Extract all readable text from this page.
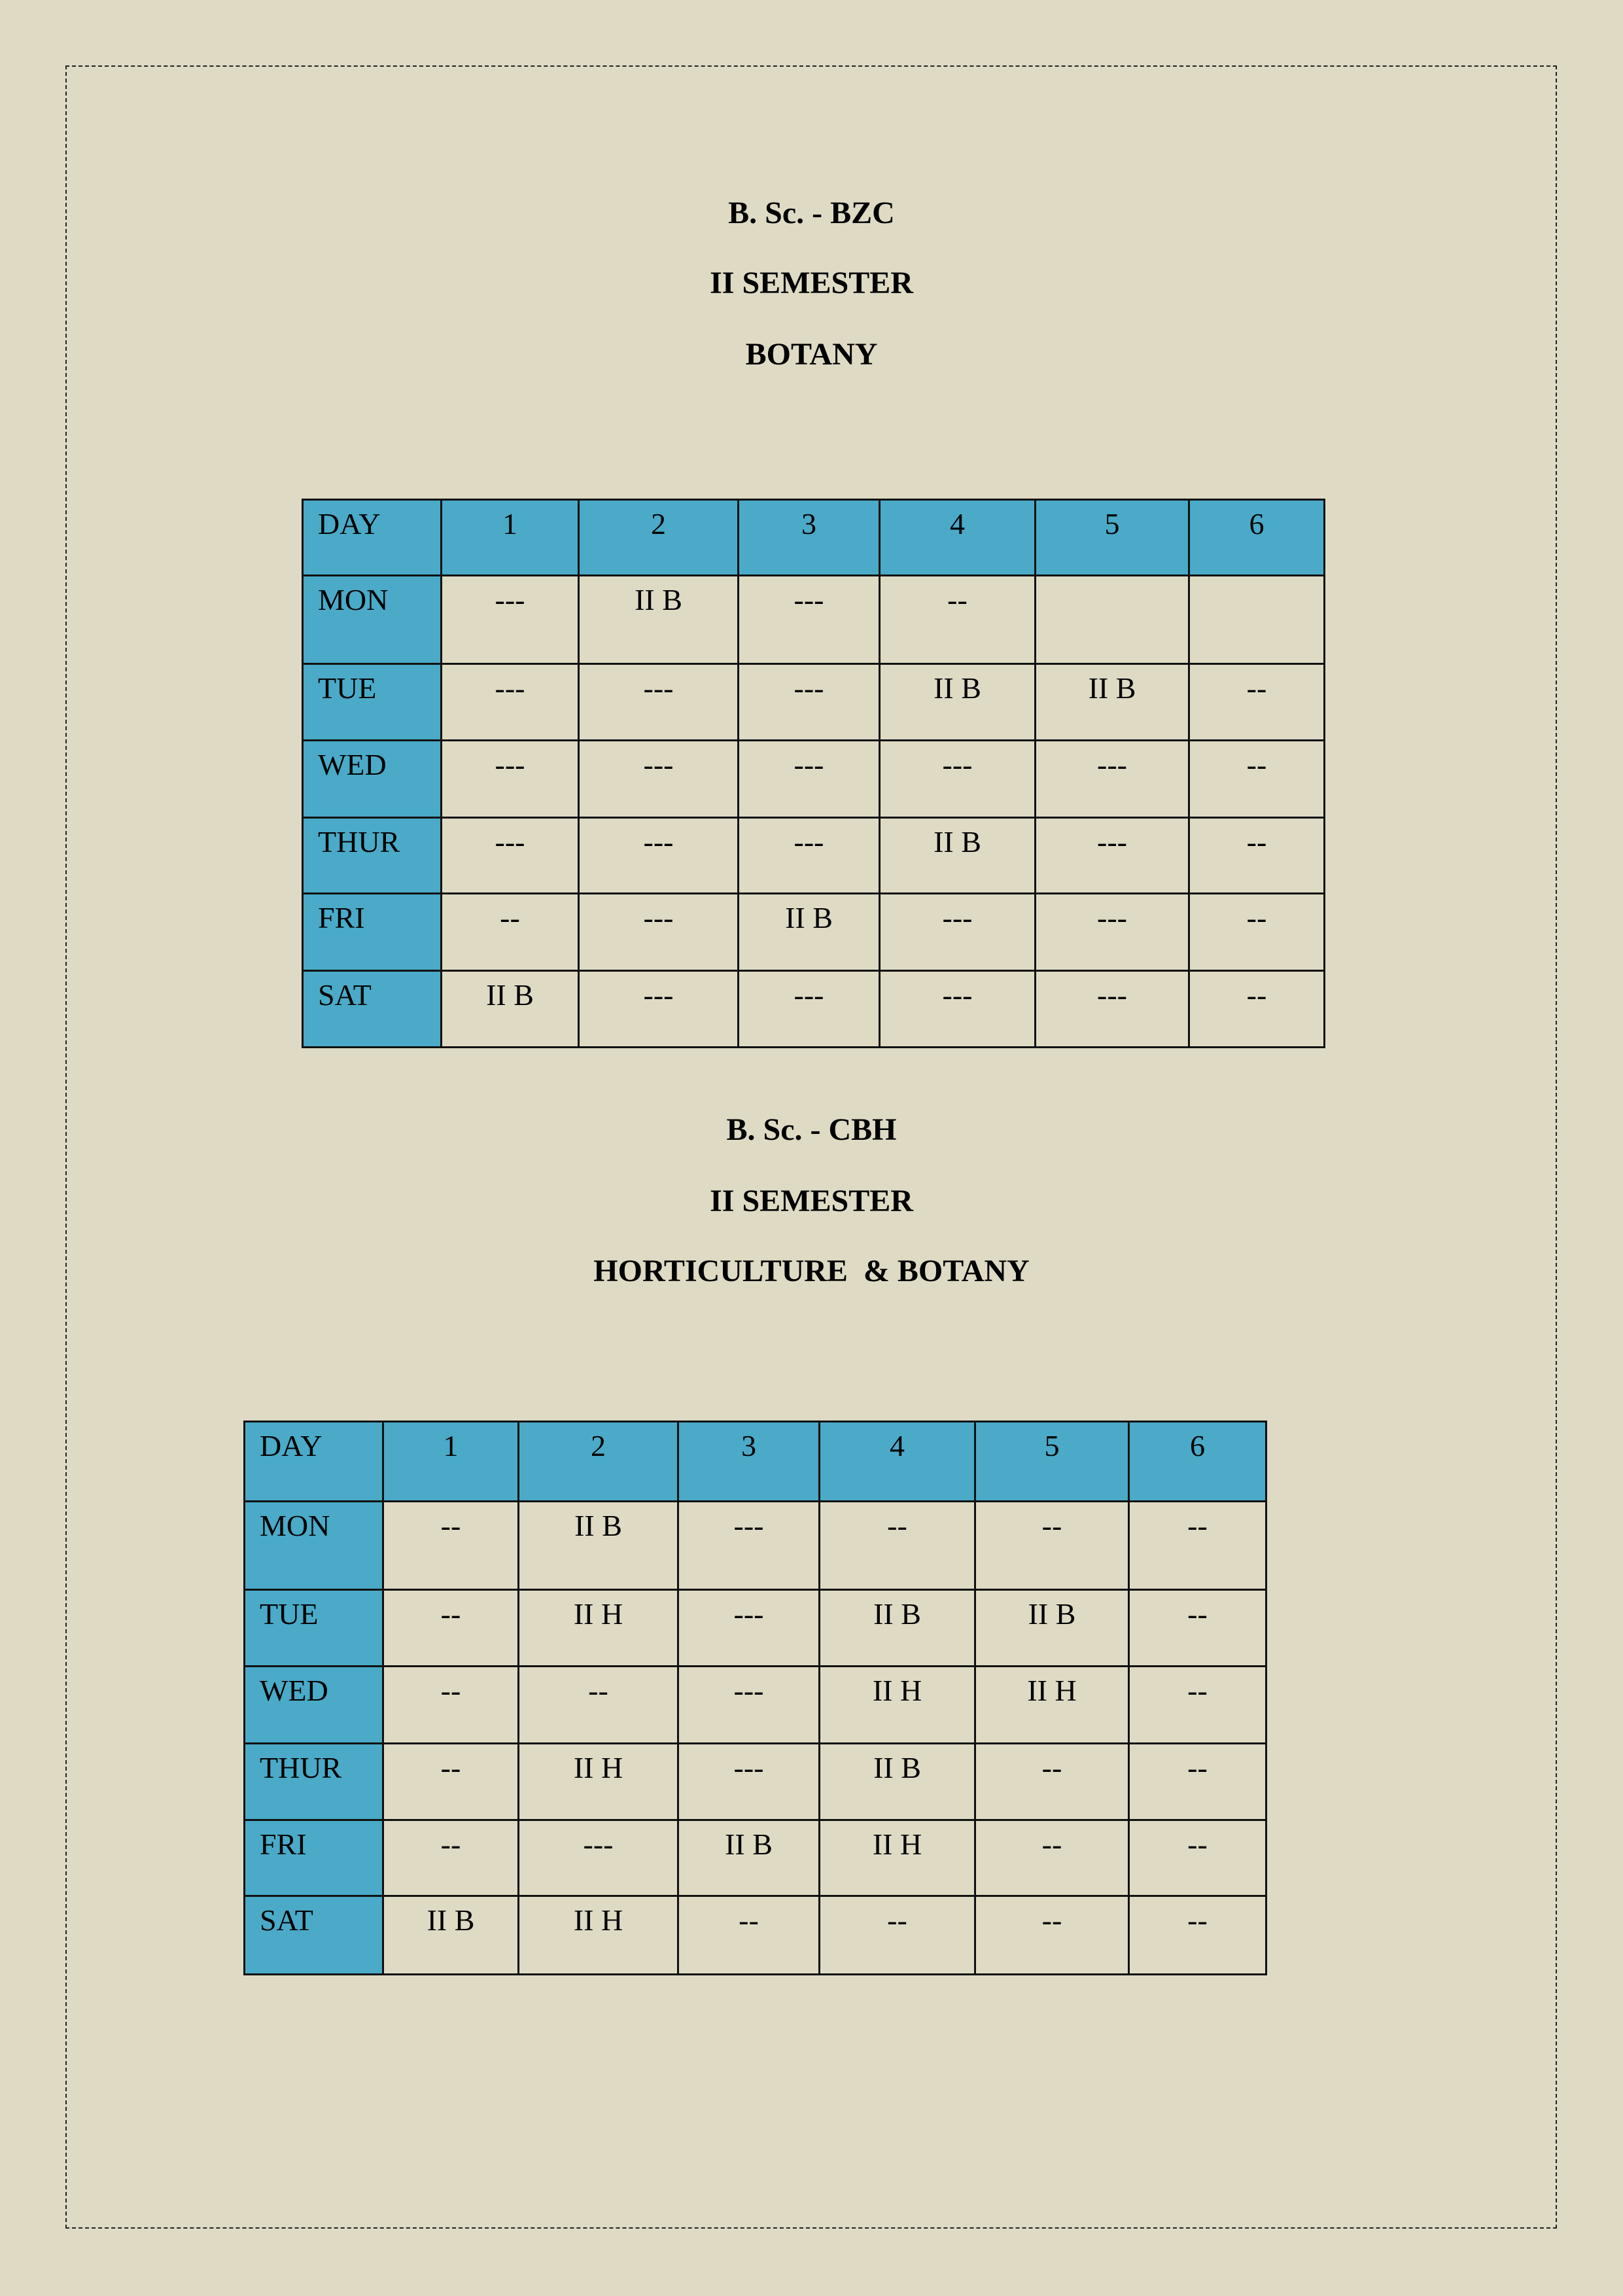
B. Sc. - BZC
II SEMESTER
BOTANY
DAY	1	2	3	4	5	6
MON	---	II B	---	--		
TUE	---	---	---	II B	II B	--
WED	---	---	---	---	---	--
THUR	---	---	---	II B	---	--
FRI	--	---	II B	---	---	--
SAT	II B	---	---	---	---	--
B. Sc. - CBH
II SEMESTER
HORTICULTURE  & BOTANY
DAY	1	2	3	4	5	6
MON	--	II B	---	--	--	--
TUE	--	II H	---	II B	II B	--
WED	--	--	---	II H	II H	--
THUR	--	II H	---	II B	--	--
FRI	--	---	II B	II H	--	--
SAT	II B	II H	--	--	--	--
